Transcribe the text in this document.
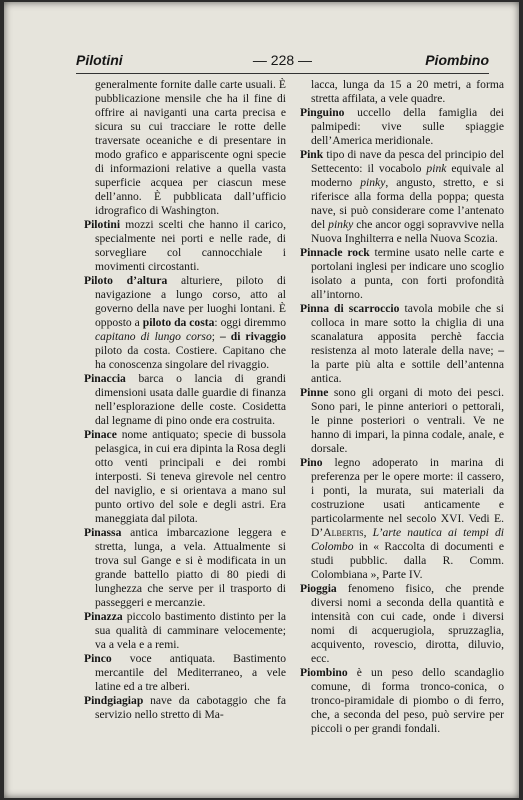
Pilotini	— 228 —	Piombino

generalmente fornite dalle carte usuali. È pubblicazione mensile che ha il fine di offrire ai naviganti una carta precisa e sicura su cui tracciare le rotte delle traversate oceaniche e di presentare in modo grafico e appariscente ogni specie di informazioni relative a quella vasta superficie acquea per ciascun mese dell’anno. È pubblicata dall’ufficio idrografico di Washington.

Pilotini mozzi scelti che hanno il carico, specialmente nei porti e nelle rade, di sorvegliare col cannocchiale i movimenti circostanti.

Piloto d’altura alturiere, piloto di navigazione a lungo corso, atto al governo della nave per luoghi lontani. È opposto a piloto da costa: oggi diremmo capitano di lungo corso; – di rivaggio piloto da costa. Costiere. Capitano che ha conoscenza singolare del rivaggio.

Pinaccia barca o lancia di grandi dimensioni usata dalle guardie di finanza nell’esplorazione delle coste. Cosidetta dal legname di pino onde era costruita.

Pinace nome antiquato; specie di bussola pelasgica, in cui era dipinta la Rosa degli otto venti principali e dei rombi interposti. Si teneva girevole nel centro del naviglio, e si orientava a mano sul punto ortivo del sole e degli astri. Era maneggiata dal pilota.

Pinassa antica imbarcazione leggera e stretta, lunga, a vela. Attualmente si trova sul Gange e si è modificata in un grande battello piatto di 80 piedi di lunghezza che serve per il trasporto di passeggeri e mercanzie.

Pinazza piccolo bastimento distinto per la sua qualità di camminare velocemente; va a vela e a remi.

Pinco voce antiquata. Bastimento mercantile del Mediterraneo, a vele latine ed a tre alberi.

Pindgiagiap nave da cabotaggio che fa servizio nello stretto di Ma-

lacca, lunga da 15 a 20 metri, a forma stretta affilata, a vele quadre.

Pinguino uccello della famiglia dei palmipedi: vive sulle spiaggie dell’America meridionale.

Pink tipo di nave da pesca del principio del Settecento: il vocabolo pink equivale al moderno pinky, angusto, stretto, e si riferisce alla forma della poppa; questa nave, si può considerare come l’antenato del pinky che ancor oggi sopravvive nella Nuova Inghilterra e nella Nuova Scozia.

Pinnacle rock termine usato nelle carte e portolani inglesi per indicare uno scoglio isolato a punta, con forti profondità all’intorno.

Pinna di scarroccio tavola mobile che si colloca in mare sotto la chiglia di una scanalatura apposita perchè faccia resistenza al moto laterale della nave; – la parte più alta e sottile dell’antenna antica.

Pinne sono gli organi di moto dei pesci. Sono pari, le pinne anteriori o pettorali, le pinne posteriori o ventrali. Ve ne hanno di impari, la pinna codale, anale, e dorsale.

Pino legno adoperato in marina di preferenza per le opere morte: il cassero, i ponti, la murata, sui materiali da costruzione usati anticamente e particolarmente nel secolo XVI. Vedi E. D’Albertis, L’arte nautica ai tempi di Colombo in « Raccolta di documenti e studi pubblic. dalla R. Comm. Colombiana », Parte IV.

Pioggia fenomeno fisico, che prende diversi nomi a seconda della quantità e intensità con cui cade, onde i diversi nomi di acquerugiola, spruzzaglia, acquivento, rovescio, dirotta, diluvio, ecc.

Piombino è un peso dello scandaglio comune, di forma tronco-conica, o tronco-piramidale di piombo o di ferro, che, a seconda del peso, può servire per piccoli o per grandi fondali.
